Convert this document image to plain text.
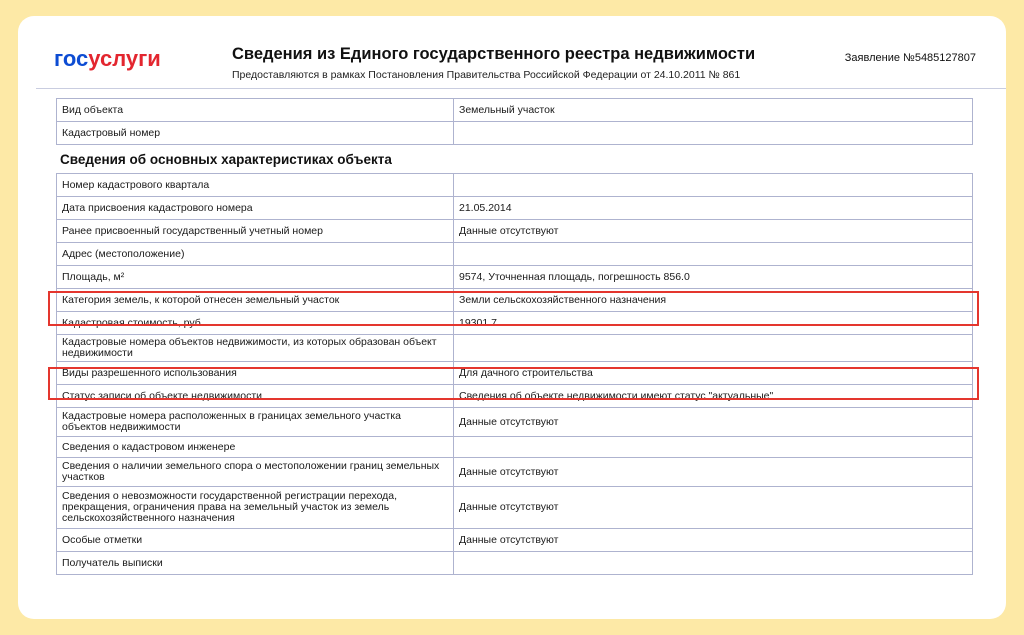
госуслуги	Сведения из Единого государственного реестра недвижимости
Предоставляются в рамках Постановления Правительства Российской Федерации от 24.10.2011 № 861
Заявление №5485127807
Вид объекта	Земельный участок
Кадастровый номер	
Сведения об основных характеристиках объекта
Номер кадастрового квартала	
Дата присвоения кадастрового номера	21.05.2014
Ранее присвоенный государственный учетный номер	Данные отсутствуют
Адрес (местоположение)	
Площадь, м²	9574, Уточненная площадь, погрешность 856.0
Категория земель, к которой отнесен земельный участок	Земли сельскохозяйственного назначения
Кадастровая стоимость, руб	19301.7
Кадастровые номера объектов недвижимости, из которых образован объект недвижимости	
Виды разрешенного использования	Для дачного строительства
Статус записи об объекте недвижимости	Сведения об объекте недвижимости имеют статус "актуальные"
Кадастровые номера расположенных в границах земельного участка объектов недвижимости	Данные отсутствуют
Сведения о кадастровом инженере	
Сведения о наличии земельного спора о местоположении границ земельных участков	Данные отсутствуют
Сведения о невозможности государственной регистрации перехода, прекращения, ограничения права на земельный участок из земель сельскохозяйственного назначения	Данные отсутствуют
Особые отметки	Данные отсутствуют
Получатель выписки	
